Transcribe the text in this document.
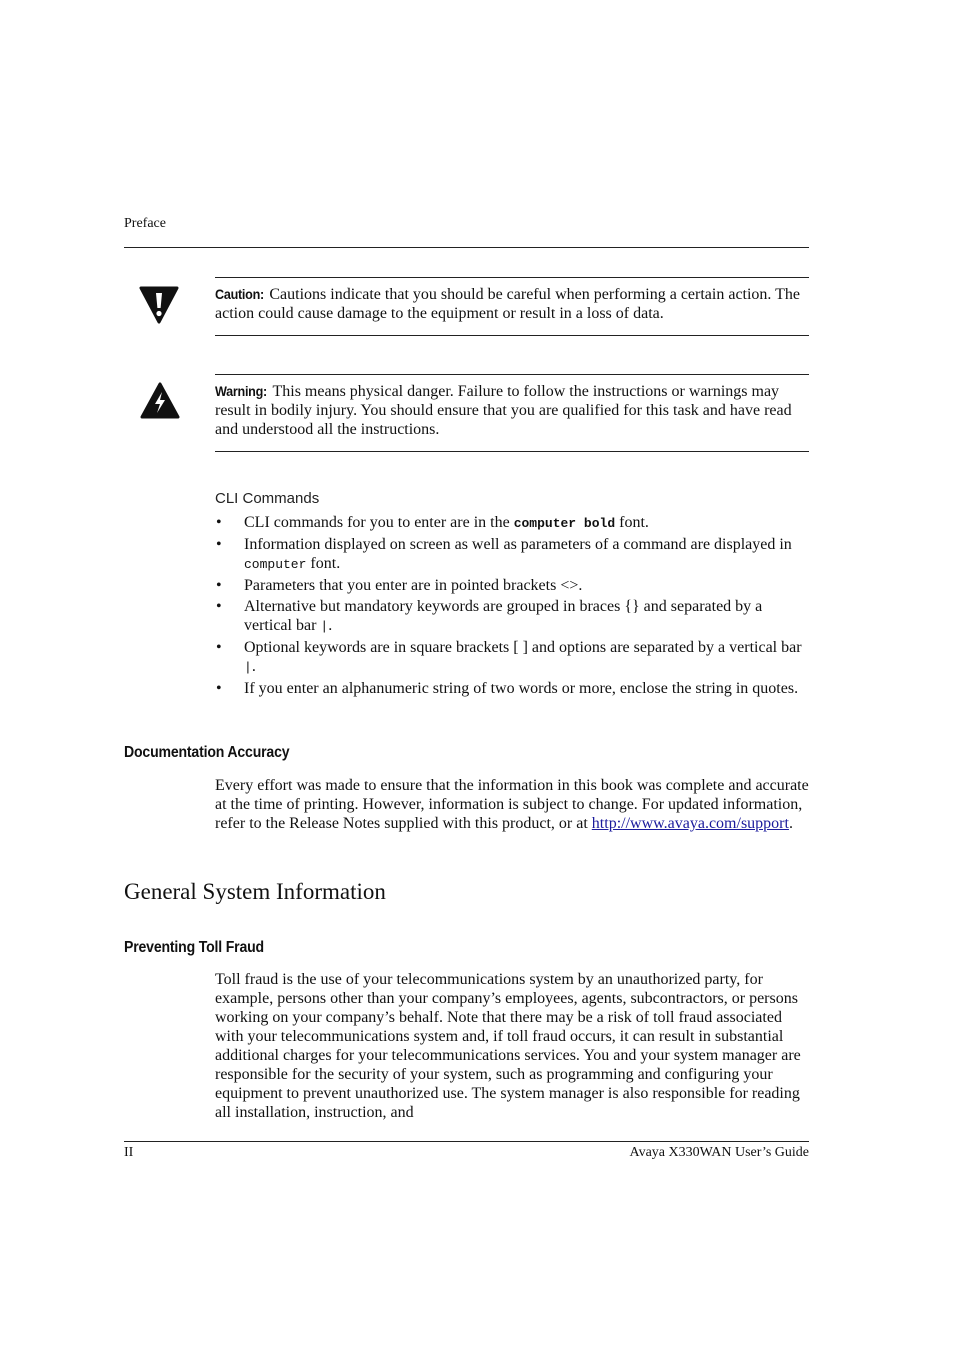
Preface
Caution: Cautions indicate that you should be careful when performing a certain action. The action could cause damage to the equipment or result in a loss of data.
Warning: This means physical danger. Failure to follow the instructions or warnings may result in bodily injury. You should ensure that you are qualified for this task and have read and understood all the instructions.
CLI Commands
• CLI commands for you to enter are in the computer bold font.
• Information displayed on screen as well as parameters of a command are displayed in computer font.
• Parameters that you enter are in pointed brackets <>.
• Alternative but mandatory keywords are grouped in braces {} and separated by a vertical bar |.
• Optional keywords are in square brackets [ ] and options are separated by a vertical bar |.
• If you enter an alphanumeric string of two words or more, enclose the string in quotes.
Documentation Accuracy
Every effort was made to ensure that the information in this book was complete and accurate at the time of printing. However, information is subject to change. For updated information, refer to the Release Notes supplied with this product, or at http://www.avaya.com/support.
General System Information
Preventing Toll Fraud
Toll fraud is the use of your telecommunications system by an unauthorized party, for example, persons other than your company’s employees, agents, subcontractors, or persons working on your company’s behalf. Note that there may be a risk of toll fraud associated with your telecommunications system and, if toll fraud occurs, it can result in substantial additional charges for your telecommunications services. You and your system manager are responsible for the security of your system, such as programming and configuring your equipment to prevent unauthorized use. The system manager is also responsible for reading all installation, instruction, and
II	Avaya X330WAN User’s Guide
